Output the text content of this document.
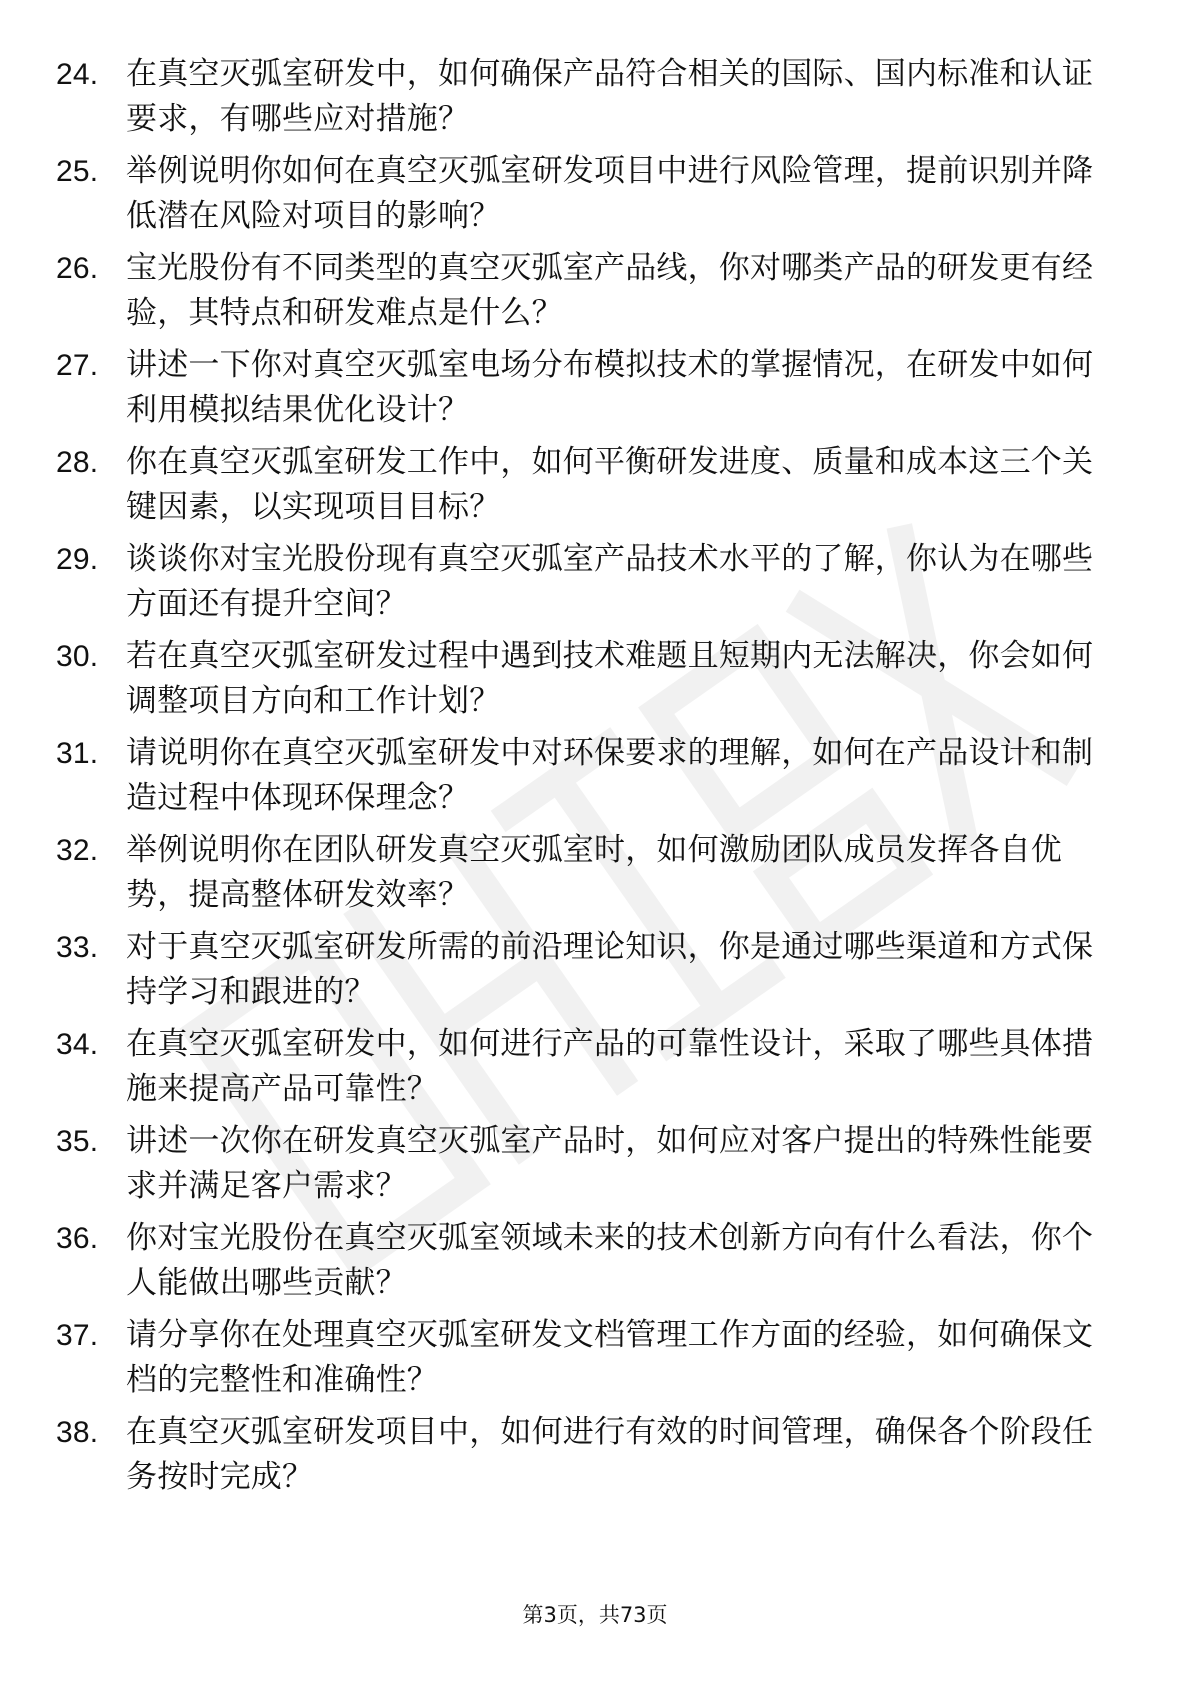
24. 在真空灭弧室研发中，如何确保产品符合相关的国际、国内标准和认证要求，有哪些应对措施？
25. 举例说明你如何在真空灭弧室研发项目中进行风险管理，提前识别并降低潜在风险对项目的影响？
26. 宝光股份有不同类型的真空灭弧室产品线，你对哪类产品的研发更有经验，其特点和研发难点是什么？
27. 讲述一下你对真空灭弧室电场分布模拟技术的掌握情况，在研发中如何利用模拟结果优化设计？
28. 你在真空灭弧室研发工作中，如何平衡研发进度、质量和成本这三个关键因素，以实现项目目标？
29. 谈谈你对宝光股份现有真空灭弧室产品技术水平的了解，你认为在哪些方面还有提升空间？
30. 若在真空灭弧室研发过程中遇到技术难题且短期内无法解决，你会如何调整项目方向和工作计划？
31. 请说明你在真空灭弧室研发中对环保要求的理解，如何在产品设计和制造过程中体现环保理念？
32. 举例说明你在团队研发真空灭弧室时，如何激励团队成员发挥各自优势，提高整体研发效率？
33. 对于真空灭弧室研发所需的前沿理论知识，你是通过哪些渠道和方式保持学习和跟进的？
34. 在真空灭弧室研发中，如何进行产品的可靠性设计，采取了哪些具体措施来提高产品可靠性？
35. 讲述一次你在研发真空灭弧室产品时，如何应对客户提出的特殊性能要求并满足客户需求？
36. 你对宝光股份在真空灭弧室领域未来的技术创新方向有什么看法，你个人能做出哪些贡献？
37. 请分享你在处理真空灭弧室研发文档管理工作方面的经验，如何确保文档的完整性和准确性？
38. 在真空灭弧室研发项目中，如何进行有效的时间管理，确保各个阶段任务按时完成？
第3页，共73页
